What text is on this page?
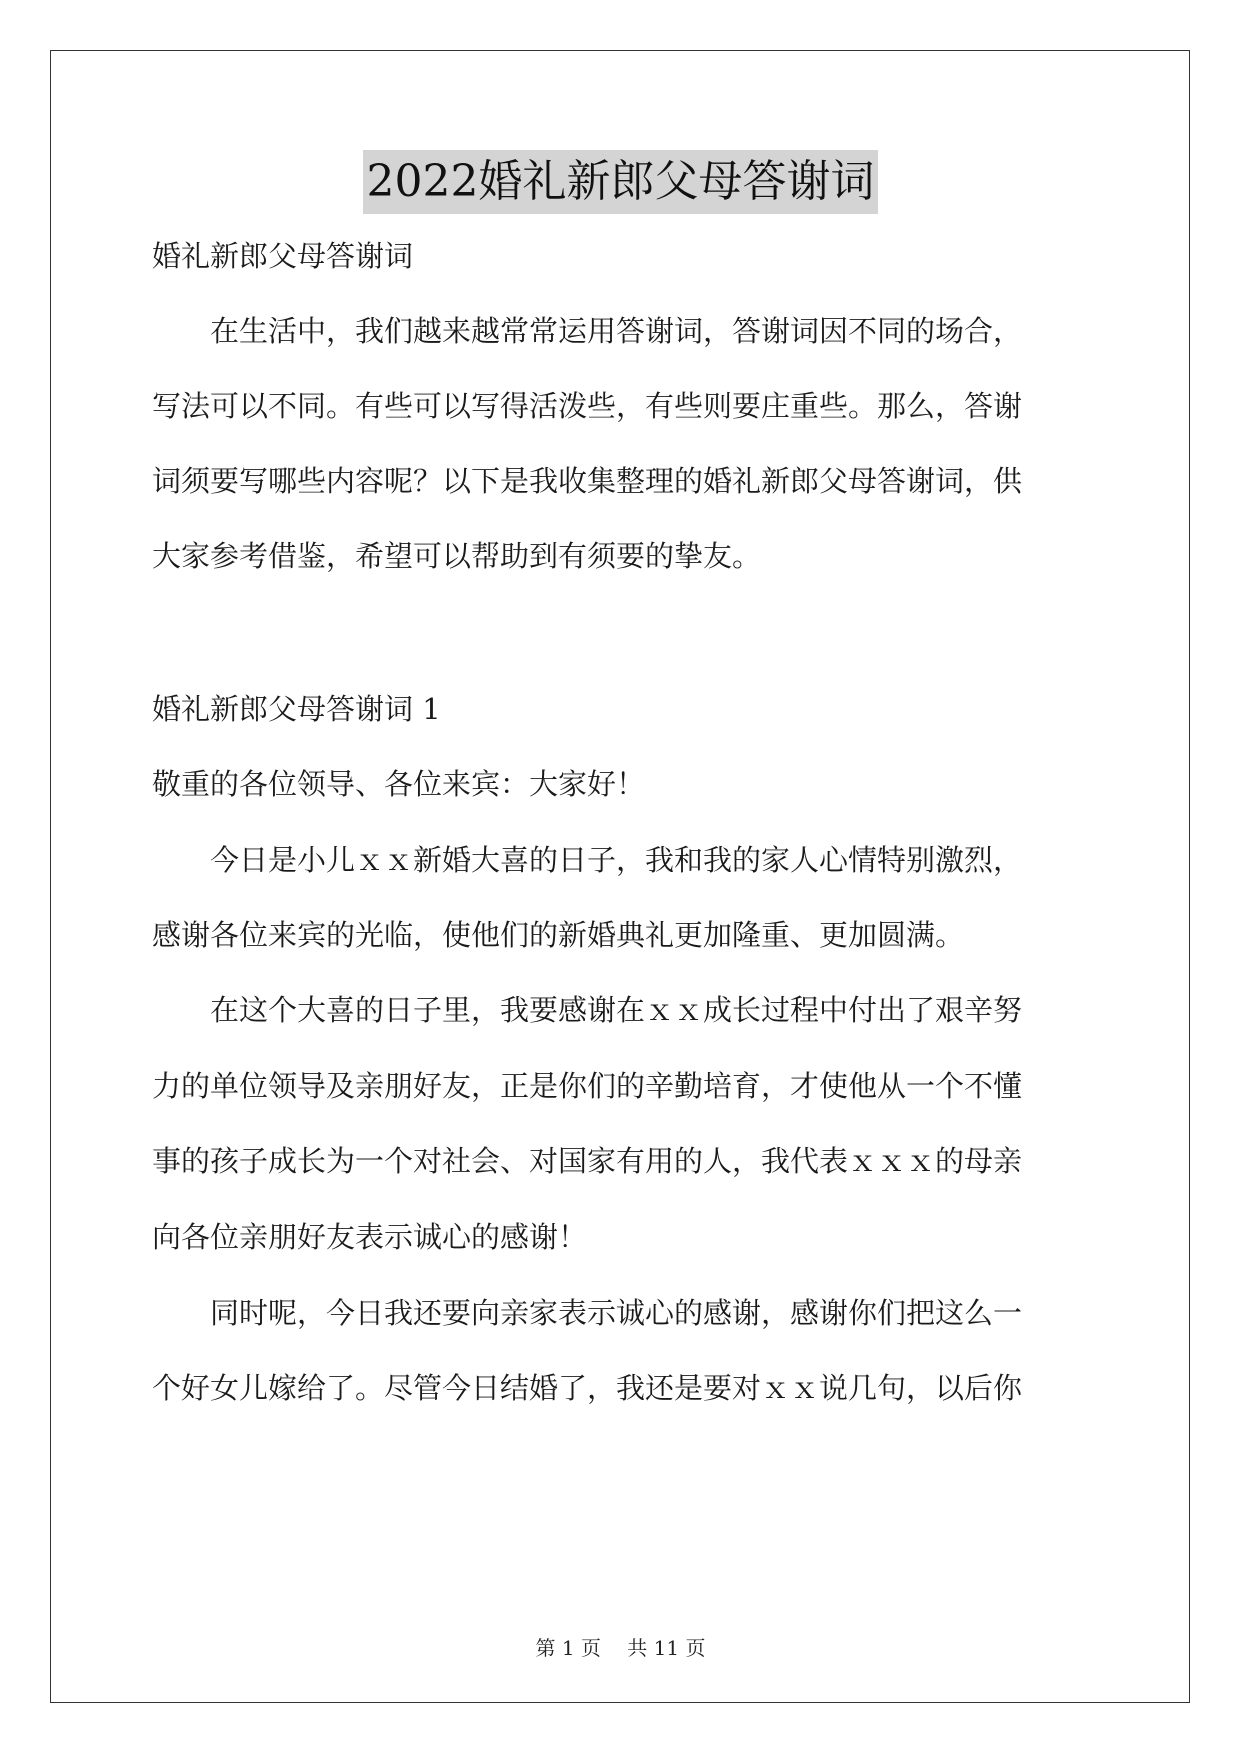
2022婚礼新郎父母答谢词
婚礼新郎父母答谢词
　　在生活中，我们越来越常常运用答谢词，答谢词因不同的场合，
写法可以不同。有些可以写得活泼些，有些则要庄重些。那么，答谢
词须要写哪些内容呢？以下是我收集整理的婚礼新郎父母答谢词，供
大家参考借鉴，希望可以帮助到有须要的挚友。
婚礼新郎父母答谢词 1
敬重的各位领导、各位来宾：大家好！
　　今日是小儿ｘｘ新婚大喜的日子，我和我的家人心情特别激烈，
感谢各位来宾的光临，使他们的新婚典礼更加隆重、更加圆满。
　　在这个大喜的日子里，我要感谢在ｘｘ成长过程中付出了艰辛努
力的单位领导及亲朋好友，正是你们的辛勤培育，才使他从一个不懂
事的孩子成长为一个对社会、对国家有用的人，我代表ｘｘｘ的母亲
向各位亲朋好友表示诚心的感谢！
　　同时呢，今日我还要向亲家表示诚心的感谢，感谢你们把这么一
个好女儿嫁给了。尽管今日结婚了，我还是要对ｘｘ说几句，以后你
第 1 页　 共 11 页
